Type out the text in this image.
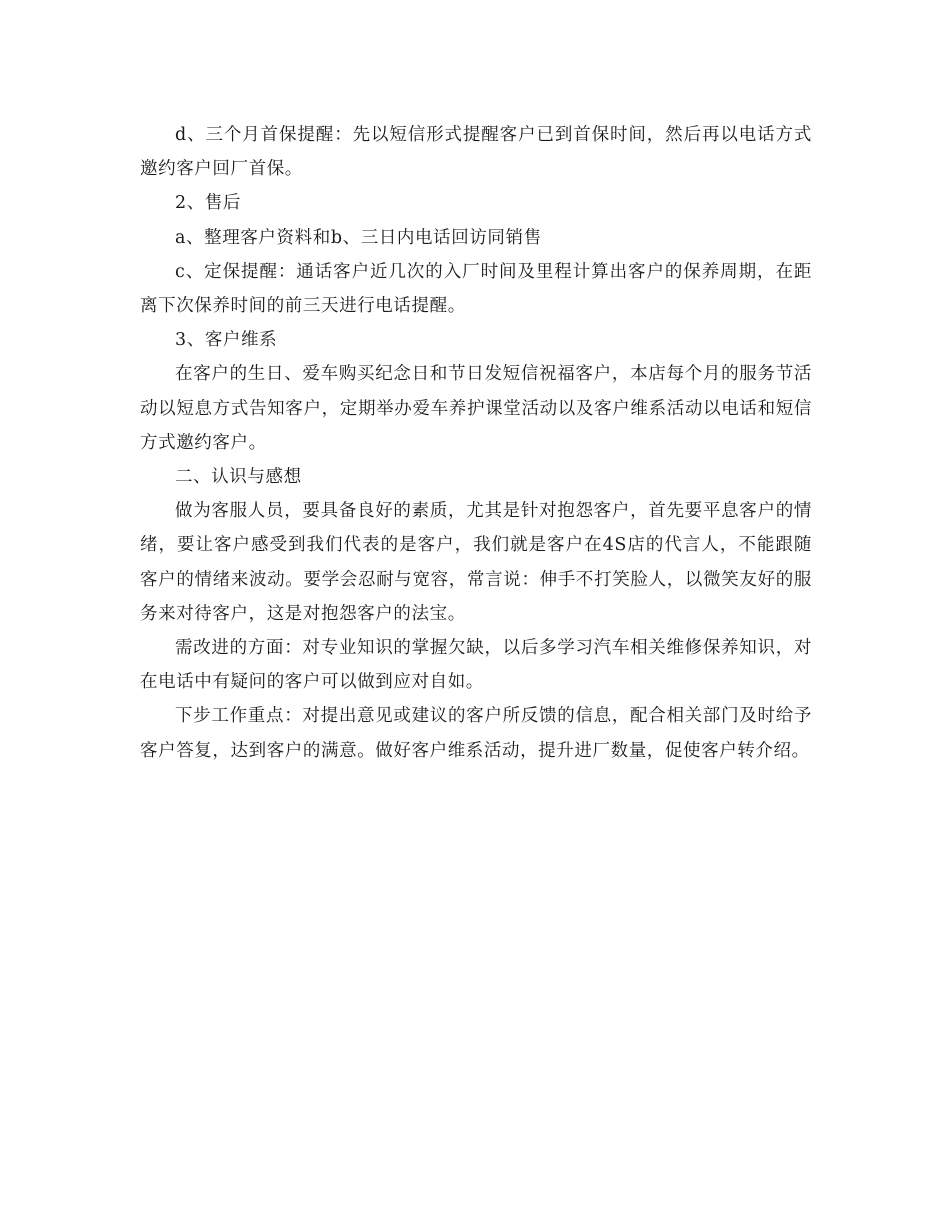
d、三个月首保提醒：先以短信形式提醒客户已到首保时间，然后再以电话方式邀约客户回厂首保。

2、售后

a、整理客户资料和b、三日内电话回访同销售

c、定保提醒：通话客户近几次的入厂时间及里程计算出客户的保养周期，在距离下次保养时间的前三天进行电话提醒。

3、客户维系

在客户的生日、爱车购买纪念日和节日发短信祝福客户，本店每个月的服务节活动以短息方式告知客户，定期举办爱车养护课堂活动以及客户维系活动以电话和短信方式邀约客户。

二、认识与感想

做为客服人员，要具备良好的素质，尤其是针对抱怨客户，首先要平息客户的情绪，要让客户感受到我们代表的是客户，我们就是客户在4S店的代言人，不能跟随客户的情绪来波动。要学会忍耐与宽容，常言说：伸手不打笑脸人，以微笑友好的服务来对待客户，这是对抱怨客户的法宝。

需改进的方面：对专业知识的掌握欠缺，以后多学习汽车相关维修保养知识，对在电话中有疑问的客户可以做到应对自如。

下步工作重点：对提出意见或建议的客户所反馈的信息，配合相关部门及时给予客户答复，达到客户的满意。做好客户维系活动，提升进厂数量，促使客户转介绍。
